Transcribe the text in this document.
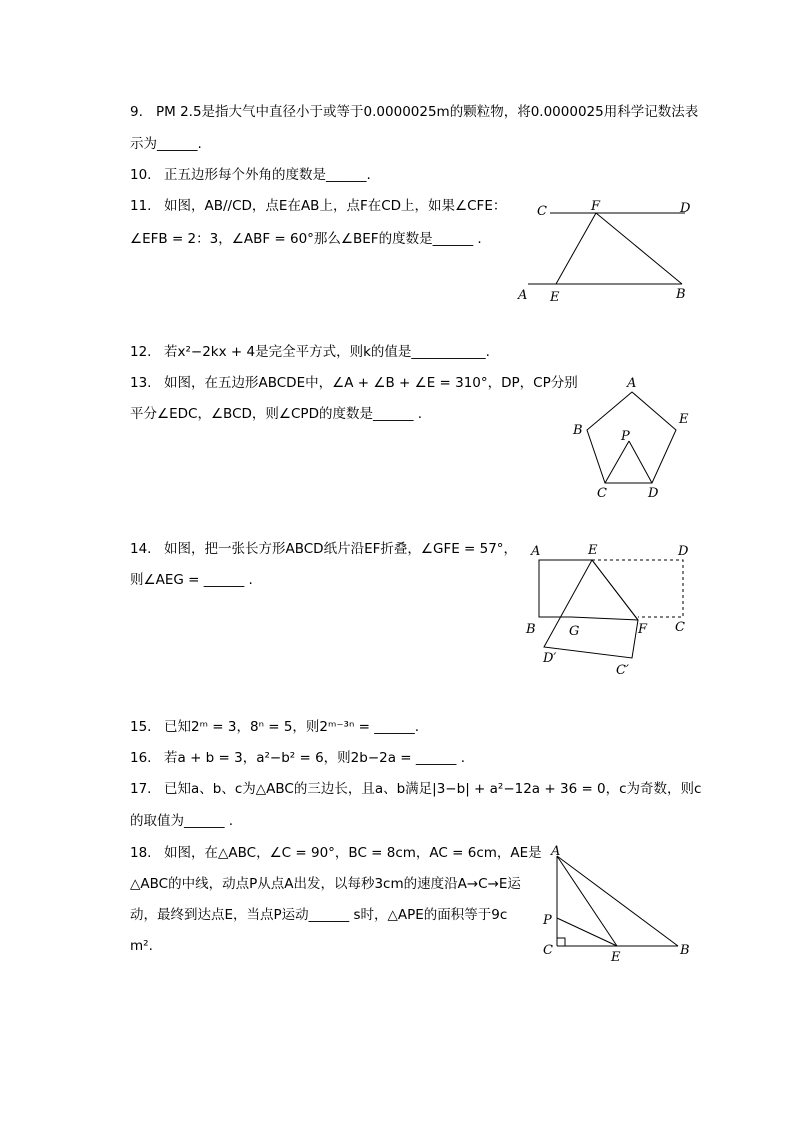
9. PM 2.5是指大气中直径小于或等于0.0000025m的颗粒物，将0.0000025用科学记数法表
示为______.
10. 正五边形每个外角的度数是______.
11. 如图，AB//CD，点E在AB上，点F在CD上，如果∠CFE：
∠EFB = 2：3，∠ABF = 60°那么∠BEF的度数是______ .
C	F	D
A E	B
12. 若x²−2kx + 4是完全平方式，则k的值是___________.
13. 如图，在五边形ABCDE中，∠A + ∠B + ∠E = 310°，DP，CP分别
平分∠EDC，∠BCD，则∠CPD的度数是______ .
A
B
E
P
C	D
14. 如图，把一张长方形ABCD纸片沿EF折叠，∠GFE = 57°，
则∠AEG = ______ .
A	E	D
B	G	F C
D′
C′
15. 已知2ᵐ = 3，8ⁿ = 5，则2ᵐ⁻³ⁿ = ______.
16. 若a + b = 3，a²−b² = 6，则2b−2a = ______ .
17. 已知a、b、c为△ABC的三边长，且a、b满足|3−b| + a²−12a + 36 = 0，c为奇数，则c
的取值为______ .
18. 如图，在△ABC，∠C = 90°，BC = 8cm，AC = 6cm，AE是
△ABC的中线，动点P从点A出发，以每秒3cm的速度沿A→C→E运
动，最终到达点E，当点P运动______ s时，△APE的面积等于9c
m².
A
P
C	E	B
